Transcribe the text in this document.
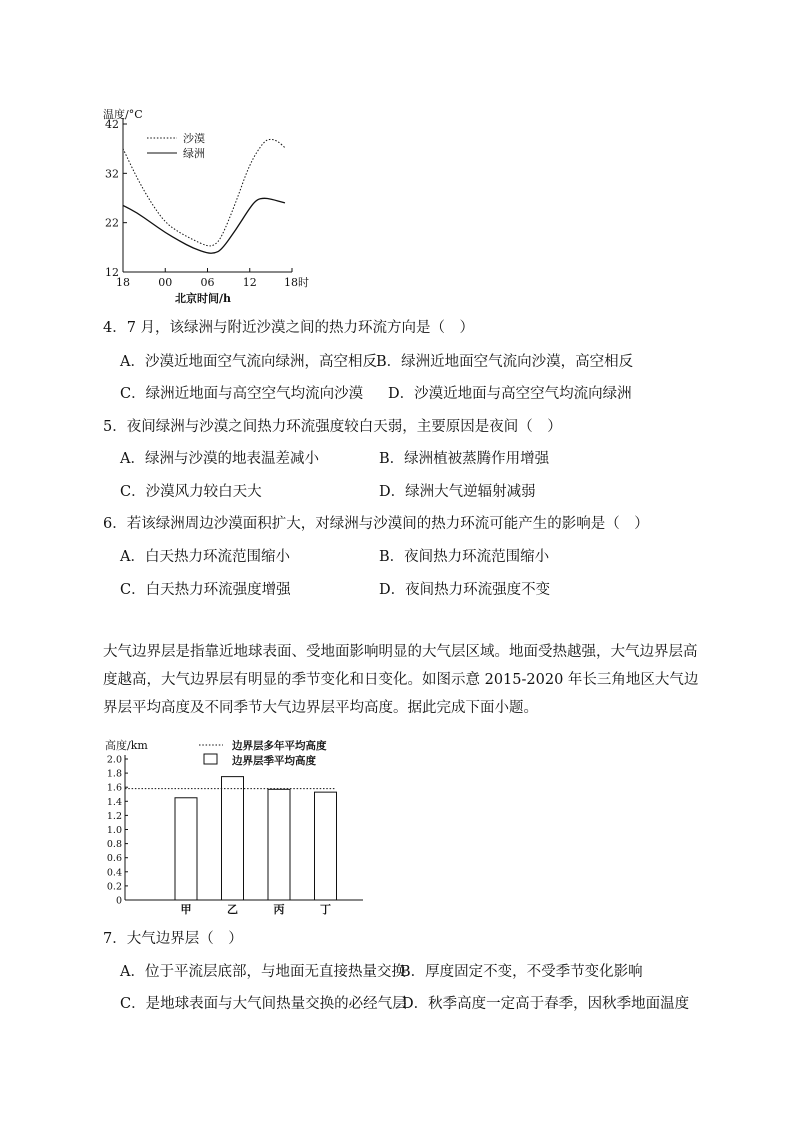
温度/°C
42
32
22
12
18	00	06	12 18时
沙漠
绿洲
北京时间/h
4．7 月，该绿洲与附近沙漠之间的热力环流方向是（　）
A．沙漠近地面空气流向绿洲，高空相反 B．绿洲近地面空气流向沙漠，高空相反
C．绿洲近地面与高空空气均流向沙漠 D．沙漠近地面与高空空气均流向绿洲
5．夜间绿洲与沙漠之间热力环流强度较白天弱，主要原因是夜间（　）
A．绿洲与沙漠的地表温差减小	B．绿洲植被蒸腾作用增强
C．沙漠风力较白天大	D．绿洲大气逆辐射减弱
6．若该绿洲周边沙漠面积扩大，对绿洲与沙漠间的热力环流可能产生的影响是（　）
A．白天热力环流范围缩小	B．夜间热力环流范围缩小
C．白天热力环流强度增强	D．夜间热力环流强度不变
大气边界层是指靠近地球表面、受地面影响明显的大气层区域。地面受热越强，大气边界层高度越高，大气边界层有明显的季节变化和日变化。如图示意 2015-2020 年长三角地区大气边界层平均高度及不同季节大气边界层平均高度。据此完成下面小题。
高度/km
2.0
1.8
1.6
1.4
1.2
1.0
0.8
0.6
0.4
0.2
0
甲	乙	丙	丁
边界层多年平均高度
边界层季平均高度
7．大气边界层（　）
A．位于平流层底部，与地面无直接热量交换
B．厚度固定不变，不受季节变化影响
C．是地球表面与大气间热量交换的必经气层
D．秋季高度一定高于春季，因秋季地面温度
